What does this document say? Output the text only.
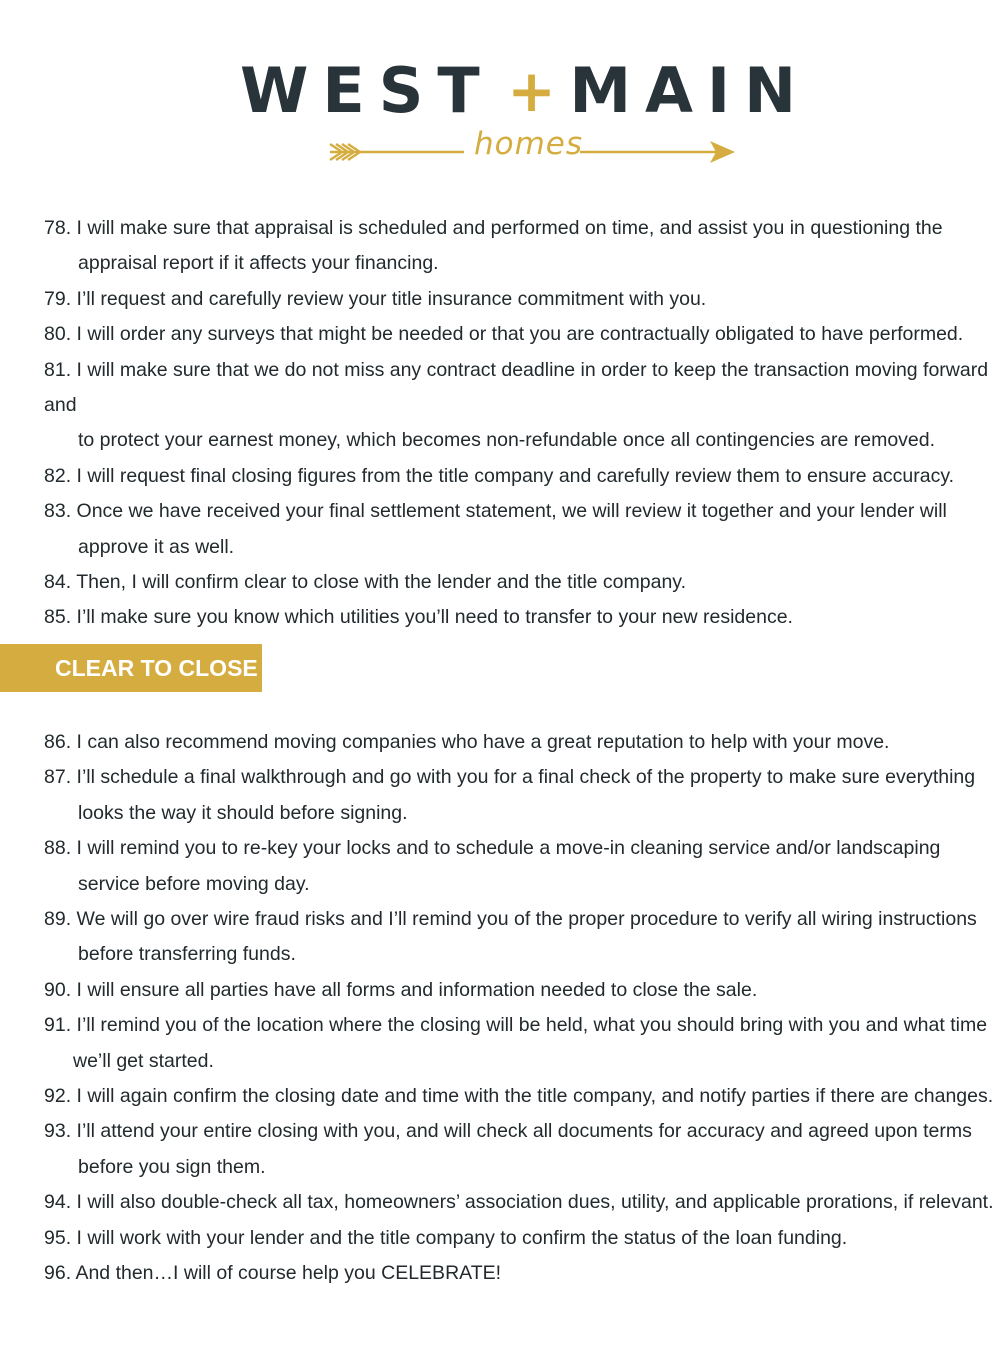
WEST + MAIN
homes
78. I will make sure that appraisal is scheduled and performed on time, and assist you in questioning the
appraisal report if it affects your financing.
79. I’ll request and carefully review your title insurance commitment with you.
80. I will order any surveys that might be needed or that you are contractually obligated to have performed.
81. I will make sure that we do not miss any contract deadline in order to keep the transaction moving forward and
to protect your earnest money, which becomes non-refundable once all contingencies are removed.
82. I will request final closing figures from the title company and carefully review them to ensure accuracy.
83. Once we have received your final settlement statement, we will review it together and your lender will
approve it as well.
84. Then, I will confirm clear to close with the lender and the title company.
85. I’ll make sure you know which utilities you’ll need to transfer to your new residence.
CLEAR TO CLOSE
86. I can also recommend moving companies who have a great reputation to help with your move.
87. I’ll schedule a final walkthrough and go with you for a final check of the property to make sure everything
looks the way it should before signing.
88. I will remind you to re-key your locks and to schedule a move-in cleaning service and/or landscaping
service before moving day.
89. We will go over wire fraud risks and I’ll remind you of the proper procedure to verify all wiring instructions
before transferring funds.
90. I will ensure all parties have all forms and information needed to close the sale.
91. I’ll remind you of the location where the closing will be held, what you should bring with you and what time
we’ll get started.
92. I will again confirm the closing date and time with the title company, and notify parties if there are changes.
93. I’ll attend your entire closing with you, and will check all documents for accuracy and agreed upon terms
before you sign them.
94. I will also double-check all tax, homeowners’ association dues, utility, and applicable prorations, if relevant.
95. I will work with your lender and the title company to confirm the status of the loan funding.
96. And then…I will of course help you CELEBRATE!
